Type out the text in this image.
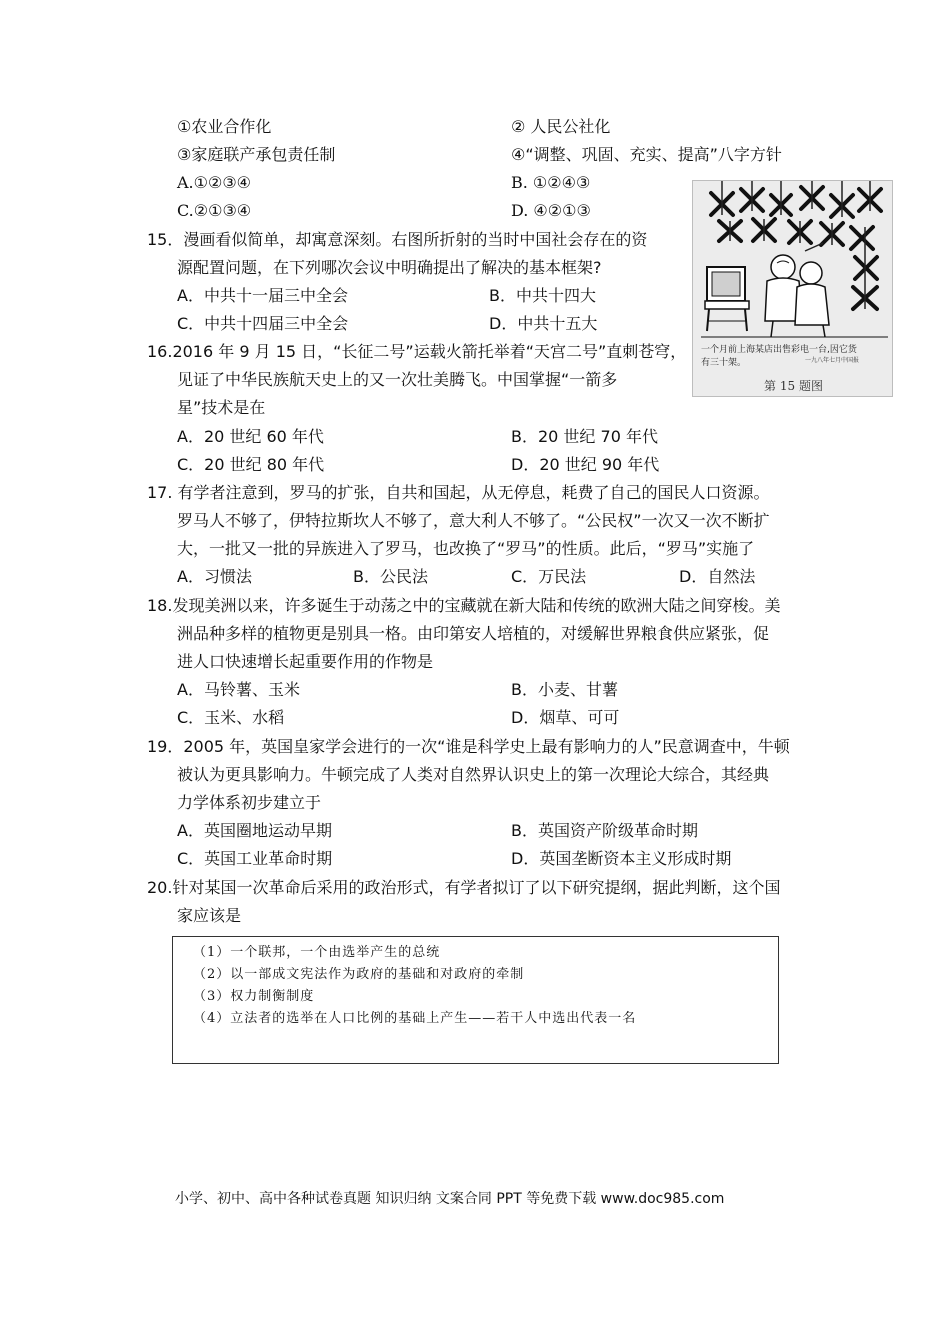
①农业合作化	② 人民公社化
③家庭联产承包责任制	④“调整、巩固、充实、提高”八字方针
A.①②③④	B. ①②④③
C.②①③④	D. ④②①③
一个月前上海某店出售彩电一台,因它货
一九八年七月中国报
有三十架。
第 15 题图
15．漫画看似简单，却寓意深刻。右图所折射的当时中国社会存在的资
源配置问题，在下列哪次会议中明确提出了解决的基本框架?
A．中共十一届三中全会	B．中共十四大
C．中共十四届三中全会	D．中共十五大
16.2016 年 9 月 15 日，“长征二号”运载火箭托举着“天宫二号”直刺苍穹，
见证了中华民族航天史上的又一次壮美腾飞。中国掌握“一箭多
星”技术是在
A．20 世纪 60 年代	B．20 世纪 70 年代
C．20 世纪 80 年代	D．20 世纪 90 年代
17. 有学者注意到，罗马的扩张，自共和国起，从无停息，耗费了自己的国民人口资源。
罗马人不够了，伊特拉斯坎人不够了，意大利人不够了。“公民权”一次又一次不断扩
大，一批又一批的异族进入了罗马，也改换了“罗马”的性质。此后，“罗马”实施了
A．习惯法	B．公民法	C．万民法	D．自然法
18.发现美洲以来，许多诞生于动荡之中的宝藏就在新大陆和传统的欧洲大陆之间穿梭。美
洲品种多样的植物更是别具一格。由印第安人培植的，对缓解世界粮食供应紧张，促
进人口快速增长起重要作用的作物是
A．马铃薯、玉米	B．小麦、甘薯
C．玉米、水稻	D．烟草、可可
19．2005 年，英国皇家学会进行的一次“谁是科学史上最有影响力的人”民意调查中，牛顿
被认为更具影响力。牛顿完成了人类对自然界认识史上的第一次理论大综合，其经典
力学体系初步建立于
A．英国圈地运动早期	B．英国资产阶级革命时期
C．英国工业革命时期	D．英国垄断资本主义形成时期
20.针对某国一次革命后采用的政治形式，有学者拟订了以下研究提纲，据此判断，这个国
家应该是
（1）一个联邦，一个由选举产生的总统
（2）以一部成文宪法作为政府的基础和对政府的牵制
（3）权力制衡制度
（4）立法者的选举在人口比例的基础上产生——若干人中选出代表一名
小学、初中、高中各种试卷真题 知识归纳 文案合同 PPT 等免费下载 www.doc985.com
